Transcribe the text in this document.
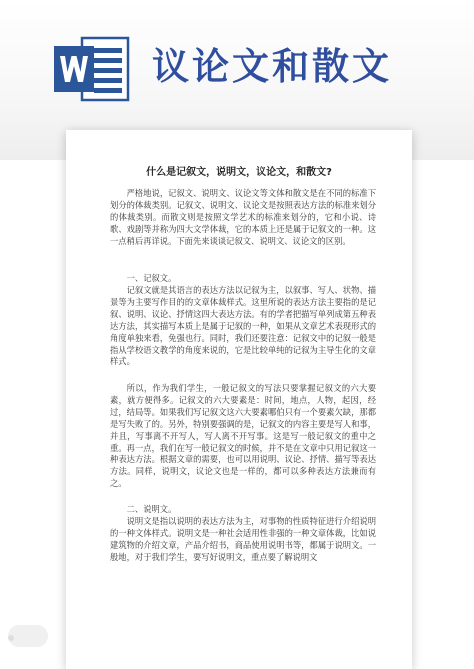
议论文和散文
什么是记叙文，说明文，议论文，和散文?

严格地说，记叙文、说明文、议论文等文体和散文是在不同的标准下划分的体裁类别。记叙文、说明文、议论文是按照表达方法的标准来划分的体裁类别。而散文则是按照文学艺术的标准来划分的，它和小说、诗歌、戏剧等并称为四大文学体裁，它的本质上还是属于记叙文的一种。这一点稍后再详说。下面先来谈谈记叙文、说明文、议论文的区别。

一、记叙文。

记叙文就是其语言的表达方法以记叙为主，以叙事、写人、状物、描景等为主要写作目的的文章体裁样式。这里所说的表达方法主要指的是记叙、说明、议论、抒情这四大表达方法。有的学者把描写单列成第五种表达方法，其实描写本质上是属于记叙的一种，如果从文章艺术表现形式的角度单独来看，免强也行。同时，我们还要注意：记叙文中的记叙一般是指从学校语文教学的角度来说的，它是比较单纯的记叙为主导生化的文章样式。

所以，作为我们学生，一般记叙文的写法只要掌握记叙文的六大要素，就方便得多。记叙文的六大要素是：时间，地点，人物，起因，经过，结局等。如果我们写记叙文这六大要素哪伯只有一个要素欠缺，那都是写失败了的。另外，特别要强调的是，记叙文的内容主要是写人和事，并且，写事离不开写人，写人离不开写事。这是写一般记叙文的重中之重。再一点，我们在写一般记叙文的时候，并不是在文章中只用记叙这一种表达方法。根据文章的需要，也可以用说明、议论、抒情、描写等表达方法。同样，说明文，议论文也是一样的，都可以多种表达方法兼而有之。

二、说明文。

说明文是指以说明的表达方法为主，对事物的性质特征进行介绍说明的一种文体样式。说明文是一种社会适用性非强的一种文章体裁，比如说建筑物的介绍文章，产品介绍书，商品使用说明书等，都属于说明文。一般地，对于我们学生，要写好说明文，重点要了解说明文
